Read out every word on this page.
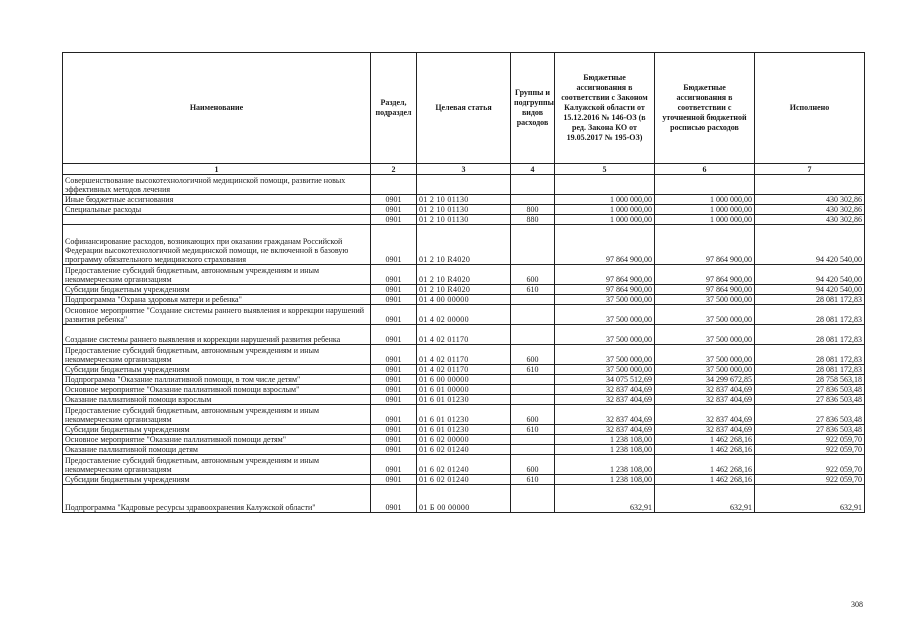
Наименование	Раздел, подраздел	Целевая статья	Группы и подгруппы видов расходов	Бюджетные ассигнования в соответствии с Законом Калужской области от 15.12.2016 № 146-ОЗ (в ред. Закона КО от 19.05.2017 № 195-ОЗ)	Бюджетные ассигнования в соответствии с уточненной бюджетной росписью расходов	Исполнено
1	2	3	4	5	6	7
Совершенствование высокотехнологичной медицинской помощи, развитие новых эффективных методов лечения						
Иные бюджетные ассигнования	0901	01 2 10 01130		1 000 000,00	1 000 000,00	430 302,86
Специальные расходы	0901	01 2 10 01130	800	1 000 000,00	1 000 000,00	430 302,86
	0901	01 2 10 01130	880	1 000 000,00	1 000 000,00	430 302,86
Софинансирование расходов, возникающих при оказании гражданам Российской Федерации высокотехнологичной медицинской помощи, не включенной в базовую программу обязательного медицинского страхования	0901	01 2 10 R4020		97 864 900,00	97 864 900,00	94 420 540,00
Предоставление субсидий бюджетным, автономным учреждениям и иным некоммерческим организациям	0901	01 2 10 R4020	600	97 864 900,00	97 864 900,00	94 420 540,00
Субсидии бюджетным учреждениям	0901	01 2 10 R4020	610	97 864 900,00	97 864 900,00	94 420 540,00
Подпрограмма "Охрана здоровья матери и ребенка"	0901	01 4 00 00000		37 500 000,00	37 500 000,00	28 081 172,83
Основное мероприятие "Создание системы раннего выявления и коррекции нарушений развития ребенка"	0901	01 4 02 00000		37 500 000,00	37 500 000,00	28 081 172,83
Создание системы раннего выявления и коррекции нарушений развития ребенка	0901	01 4 02 01170		37 500 000,00	37 500 000,00	28 081 172,83
Предоставление субсидий бюджетным, автономным учреждениям и иным некоммерческим организациям	0901	01 4 02 01170	600	37 500 000,00	37 500 000,00	28 081 172,83
Субсидии бюджетным учреждениям	0901	01 4 02 01170	610	37 500 000,00	37 500 000,00	28 081 172,83
Подпрограмма "Оказание паллиативной помощи, в том числе детям"	0901	01 6 00 00000		34 075 512,69	34 299 672,85	28 758 563,18
Основное мероприятие "Оказание паллиативной помощи взрослым"	0901	01 6 01 00000		32 837 404,69	32 837 404,69	27 836 503,48
Оказание паллиативной помощи взрослым	0901	01 6 01 01230		32 837 404,69	32 837 404,69	27 836 503,48
Предоставление субсидий бюджетным, автономным учреждениям и иным некоммерческим организациям	0901	01 6 01 01230	600	32 837 404,69	32 837 404,69	27 836 503,48
Субсидии бюджетным учреждениям	0901	01 6 01 01230	610	32 837 404,69	32 837 404,69	27 836 503,48
Основное мероприятие "Оказание паллиативной помощи детям"	0901	01 6 02 00000		1 238 108,00	1 462 268,16	922 059,70
Оказание паллиативной помощи детям	0901	01 6 02 01240		1 238 108,00	1 462 268,16	922 059,70
Предоставление субсидий бюджетным, автономным учреждениям и иным некоммерческим организациям	0901	01 6 02 01240	600	1 238 108,00	1 462 268,16	922 059,70
Субсидии бюджетным учреждениям	0901	01 6 02 01240	610	1 238 108,00	1 462 268,16	922 059,70
Подпрограмма "Кадровые ресурсы здравоохранения Калужской области"	0901	01 Б 00 00000		632,91	632,91	632,91
308
